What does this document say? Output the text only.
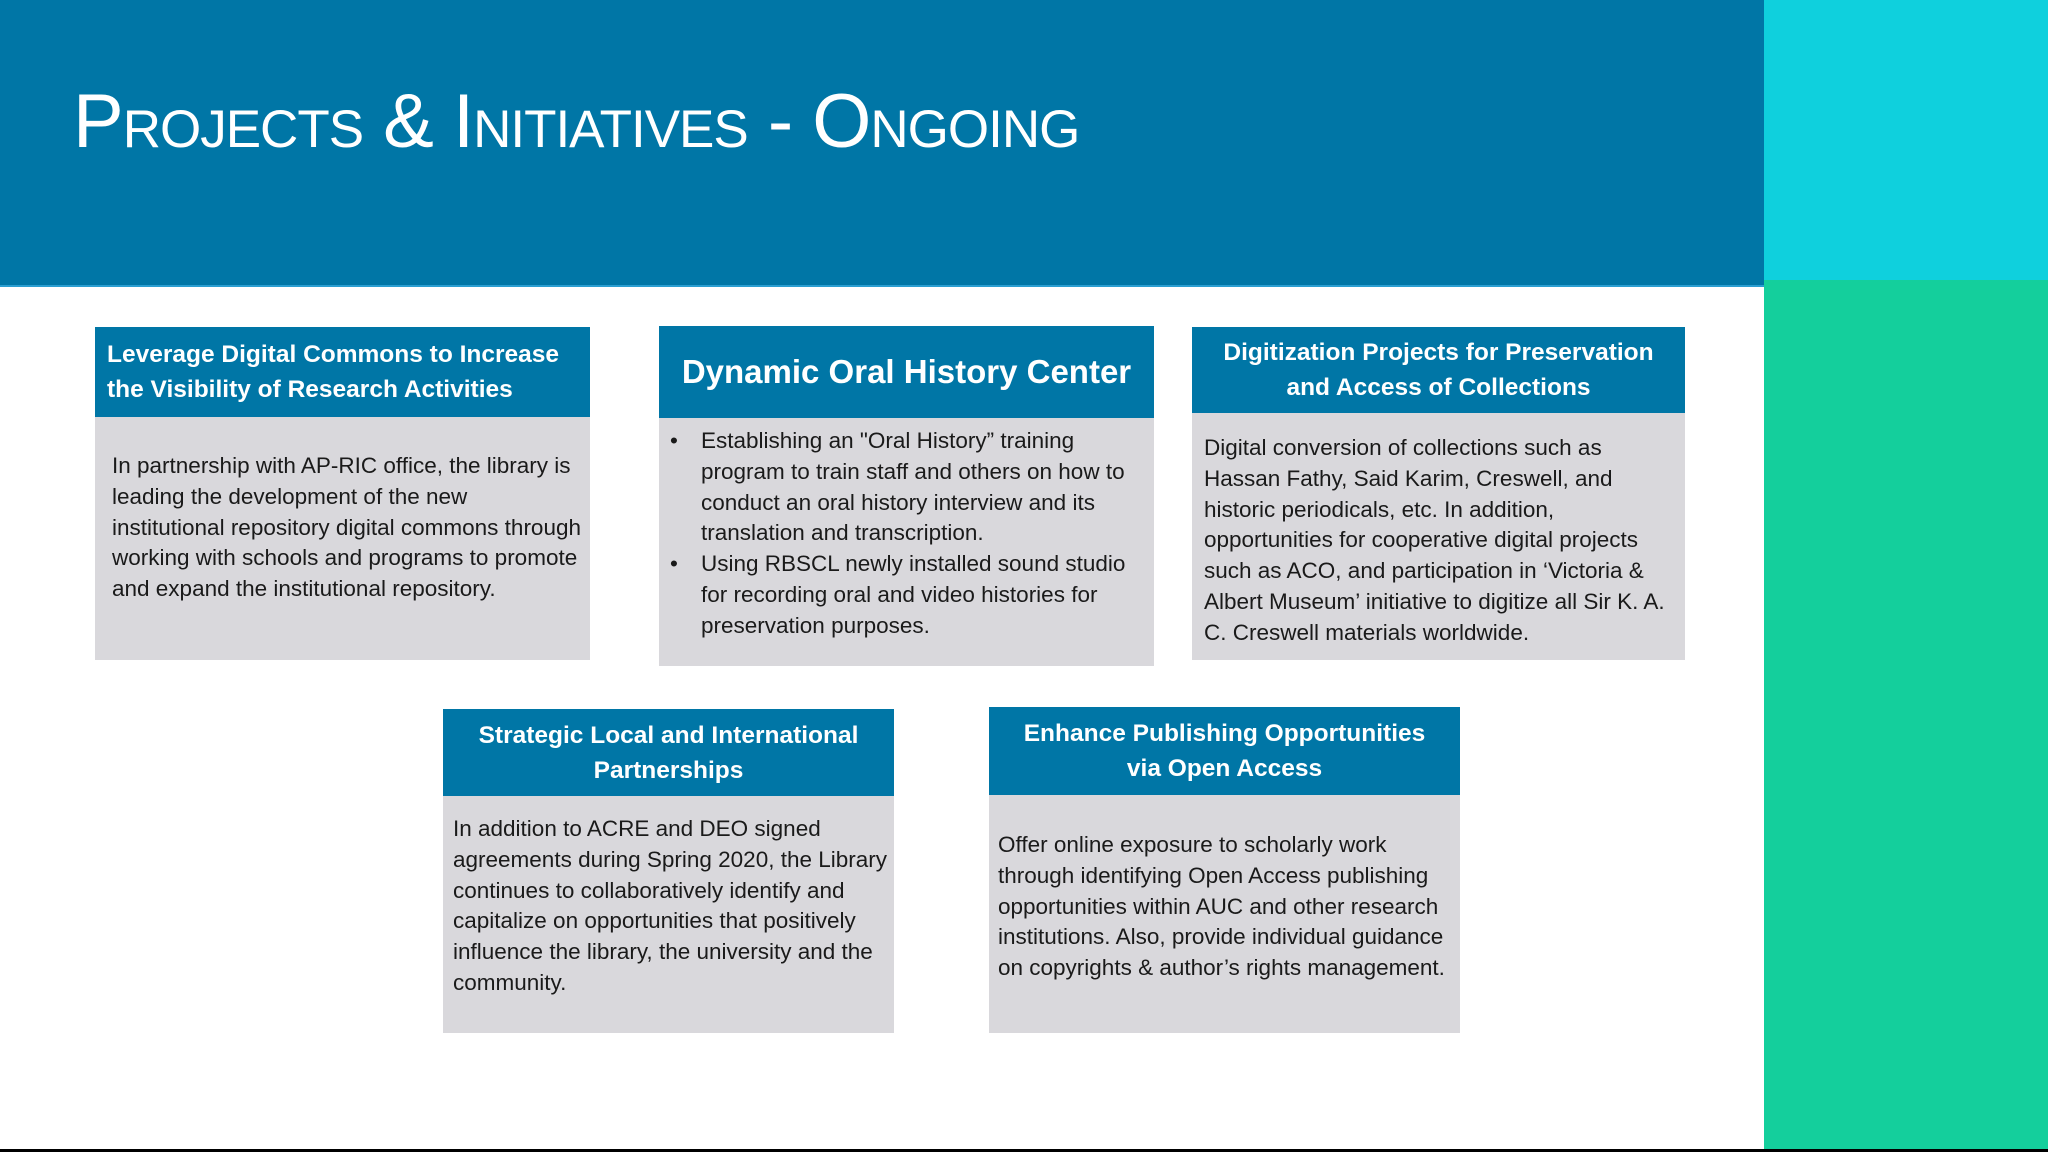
Projects & Initiatives - Ongoing
Leverage Digital Commons to Increase the Visibility of Research Activities

In partnership with AP-RIC office, the library is leading the development of the new institutional repository digital commons through working with schools and programs to promote and expand the institutional repository.

Dynamic Oral History Center
• Establishing an "Oral History” training program to train staff and others on how to conduct an oral history interview and its translation and transcription.
• Using RBSCL newly installed sound studio for recording oral and video histories for preservation purposes.
Digitization Projects for Preservation and Access of Collections

Digital conversion of collections such as Hassan Fathy, Said Karim, Creswell, and historic periodicals, etc. In addition, opportunities for cooperative digital projects such as ACO, and participation in ‘Victoria & Albert Museum’ initiative to digitize all Sir K. A. C. Creswell materials worldwide.

Strategic Local and International Partnerships

In addition to ACRE and DEO signed agreements during Spring 2020, the Library continues to collaboratively identify and capitalize on opportunities that positively influence the library, the university and the community.

Enhance Publishing Opportunities via Open Access

Offer online exposure to scholarly work through identifying Open Access publishing opportunities within AUC and other research institutions. Also, provide individual guidance on copyrights & author’s rights management.
